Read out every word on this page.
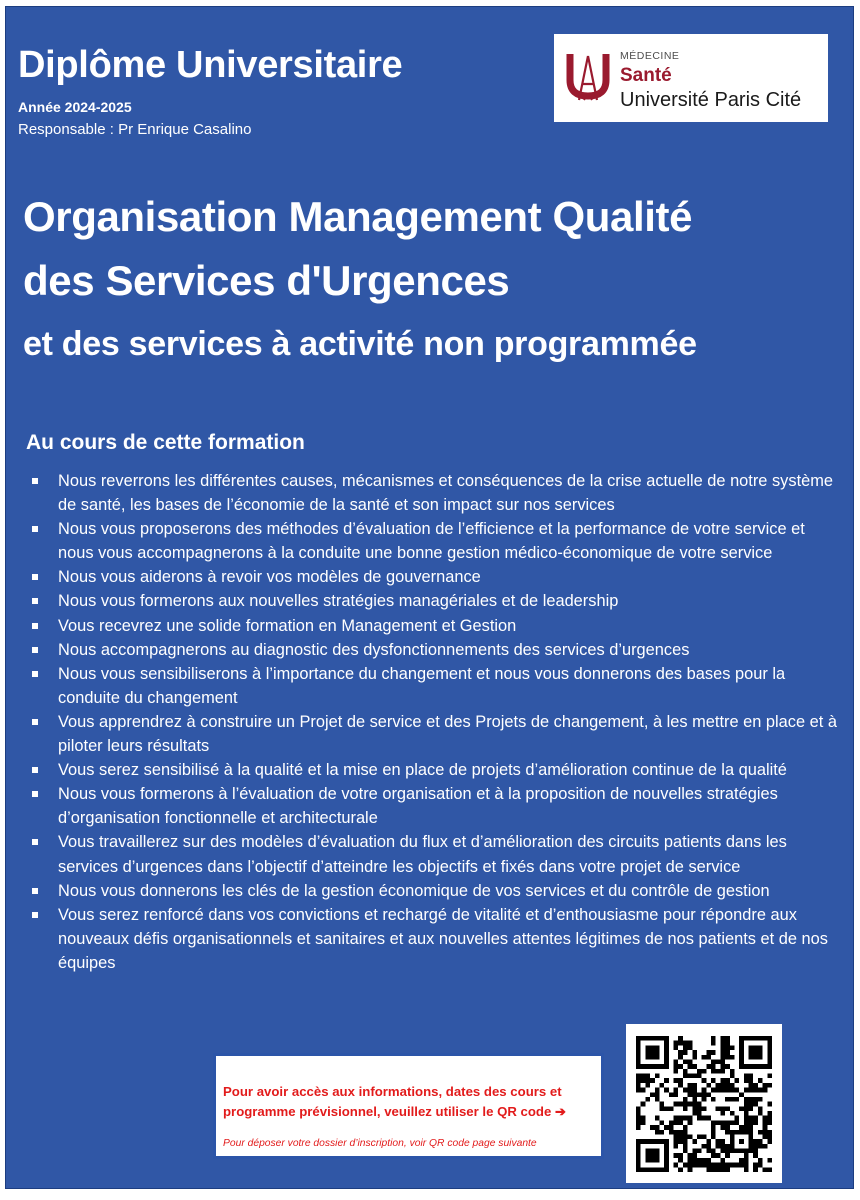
Diplôme Universitaire
Année 2024-2025
Responsable : Pr Enrique Casalino
MÉDECINE
Santé
Université Paris Cité
Organisation Management Qualité
des Services d'Urgences
et des services à activité non programmée
Au cours de cette formation
Nous reverrons les différentes causes, mécanismes et conséquences de la crise actuelle de notre système de santé, les bases de l’économie de la santé et son impact sur nos services
Nous vous proposerons des méthodes d’évaluation de l’efficience et la performance de votre service et nous vous accompagnerons à la conduite une bonne gestion médico-économique de votre service
Nous vous aiderons à revoir vos modèles de gouvernance
Nous vous formerons aux nouvelles stratégies managériales et de leadership
Vous recevrez une solide formation en Management et Gestion
Nous accompagnerons au diagnostic des dysfonctionnements des services d’urgences
Nous vous sensibiliserons à l’importance du changement et nous vous donnerons des bases pour la conduite du changement
Vous apprendrez à construire un Projet de service et des Projets de changement, à les mettre en place et à piloter leurs résultats
Vous serez sensibilisé à la qualité et la mise en place de projets d’amélioration continue de la qualité
Nous vous formerons à l’évaluation de votre organisation et à la proposition de nouvelles stratégies d’organisation fonctionnelle et architecturale
Vous travaillerez sur des modèles d’évaluation du flux et d’amélioration des circuits patients dans les services d’urgences dans l’objectif d’atteindre les objectifs et fixés dans votre projet de service
Nous vous donnerons les clés de la gestion économique de vos services et du contrôle de gestion
Vous serez renforcé dans vos convictions et rechargé de vitalité et d’enthousiasme pour répondre aux nouveaux défis organisationnels et sanitaires et aux nouvelles attentes légitimes de nos patients et de nos équipes
Pour avoir accès aux informations, dates des cours et programme prévisionnel, veuillez utiliser le QR code ➔
Pour déposer votre dossier d’inscription, voir QR code page suivante
